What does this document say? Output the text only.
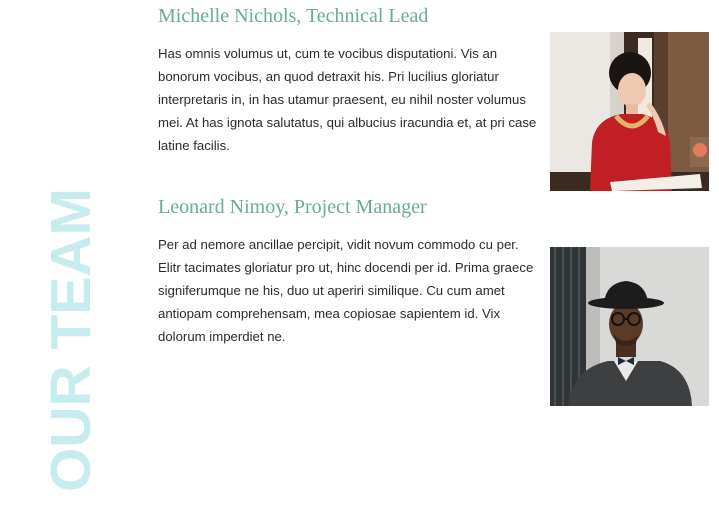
OUR TEAM
Michelle Nichols, Technical Lead

Has omnis volumus ut, cum te vocibus disputationi. Vis an bonorum vocibus, an quod detraxit his. Pri lucilius gloriatur interpretaris in, in has utamur praesent, eu nihil noster volumus mei. At has ignota salutatus, qui albucius iracundia et, at pri case latine facilis.

Leonard Nimoy, Project Manager

Per ad nemore ancillae percipit, vidit novum commodo cu per. Elitr tacimates gloriatur pro ut, hinc docendi per id. Prima graece signiferumque ne his, duo ut aperiri similique. Cu cum amet antiopam comprehensam, mea copiosae sapientem id. Vix dolorum imperdiet ne.
